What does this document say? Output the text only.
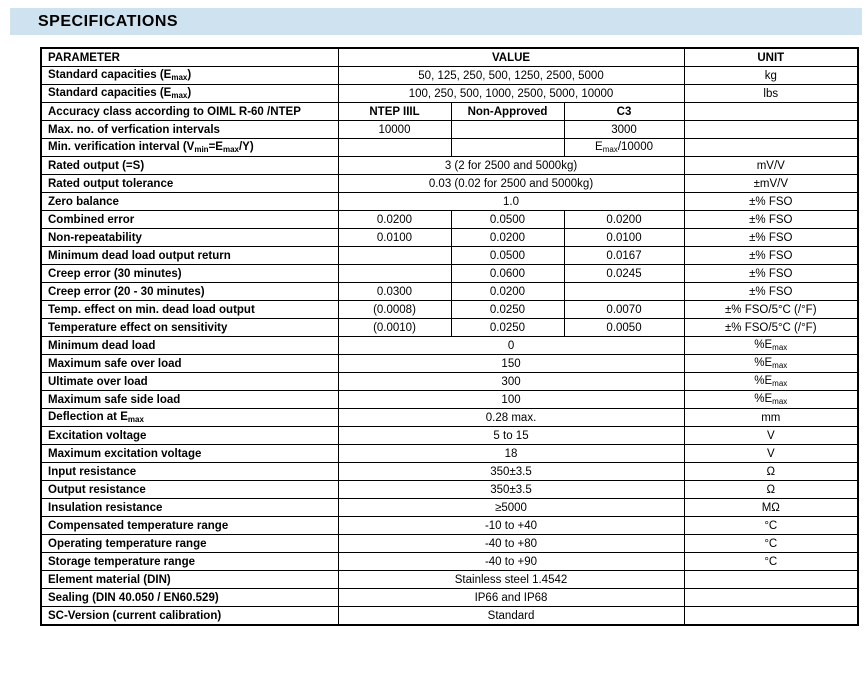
SPECIFICATIONS
PARAMETER	VALUE			UNIT
Standard capacities $(E_{max})$	50, 125, 250, 500, 1250, 2500, 5000			kg
Standard capacities $(E_{max})$	100, 250, 500, 1000, 2500, 5000, 10000			lbs
Accuracy class according to OIML R-60 /NTEP	NTEP IIIL	Non-Approved	C3	
Max. no. of verfication intervals	10000		3000	
Min. verification interval $(V_{min}=E_{max}/Y)$			$E_{max}/10000$	
Rated output (=S)	3 (2 for 2500 and 5000kg)			mV/V
Rated output tolerance	0.03 (0.02 for 2500 and 5000kg)			±mV/V
Zero balance	1.0			±% FSO
Combined error	0.0200	0.0500	0.0200	±% FSO
Non-repeatability	0.0100	0.0200	0.0100	±% FSO
Minimum dead load output return		0.0500	0.0167	±% FSO
Creep error (30 minutes)		0.0600	0.0245	±% FSO
Creep error (20 - 30 minutes)	0.0300	0.0200		±% FSO
Temp. effect on min. dead load output	(0.0008)	0.0250	0.0070	±% FSO/5°C (/°F)
Temperature effect on sensitivity	(0.0010)	0.0250	0.0050	±% FSO/5°C (/°F)
Minimum dead load	0			$\%E_{max}$
Maximum safe over load	150			$\%E_{max}$
Ultimate over load	300			$\%E_{max}$
Maximum safe side load	100			$\%E_{max}$
Deflection at $E_{max}$	0.28 max.			mm
Excitation voltage	5 to 15			V
Maximum excitation voltage	18			V
Input resistance	350±3.5			Ω
Output resistance	350±3.5			Ω
Insulation resistance	≥5000			MΩ
Compensated temperature range	-10 to +40			°C
Operating temperature range	-40 to +80			°C
Storage temperature range	-40 to +90			°C
Element material (DIN)	Stainless steel 1.4542			
Sealing (DIN 40.050 / EN60.529)	IP66 and IP68			
SC-Version (current calibration)	Standard			
